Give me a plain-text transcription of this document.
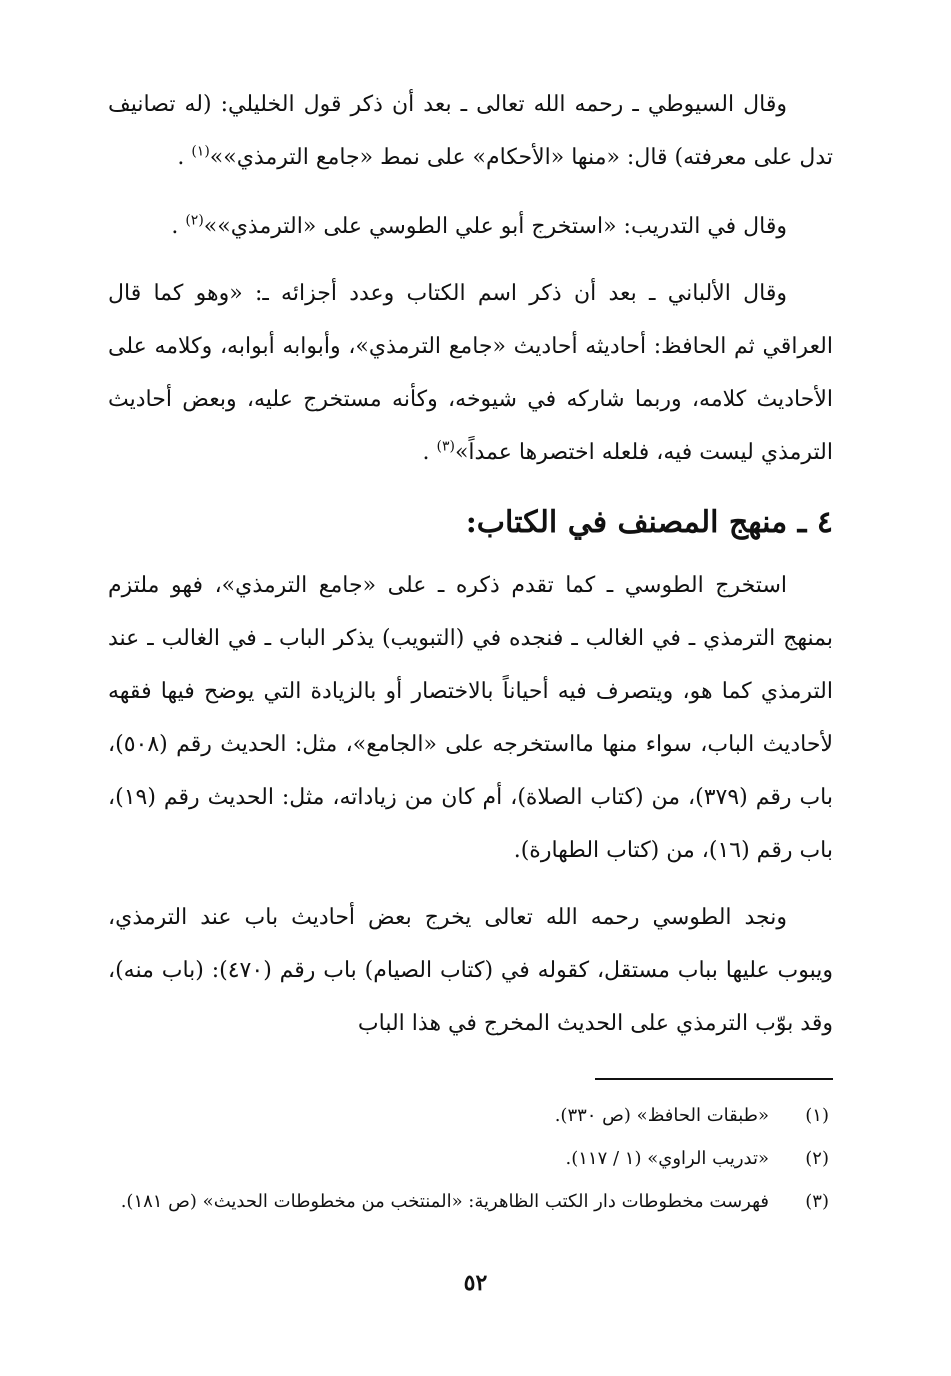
وقال السيوطي ـ رحمه الله تعالى ـ بعد أن ذكر قول الخليلي: (له تصانيف تدل على معرفته) قال: «منها «الأحكام» على نمط «جامع الترمذي»»$^{(١)}$ .

وقال في التدريب: «استخرج أبو علي الطوسي على «الترمذي»»$^{(٢)}$ .

وقال الألباني ـ بعد أن ذكر اسم الكتاب وعدد أجزائه ـ: «وهو كما قال العراقي ثم الحافظ: أحاديثه أحاديث «جامع الترمذي»، وأبوابه أبوابه، وكلامه على الأحاديث كلامه، وربما شاركه في شيوخه، وكأنه مستخرج عليه، وبعض أحاديث الترمذي ليست فيه، فلعله اختصرها عمداً»$^{(٣)}$ .

٤ ـ منهج المصنف في الكتاب:

استخرج الطوسي ـ كما تقدم ذكره ـ على «جامع الترمذي»، فهو ملتزم بمنهج الترمذي ـ في الغالب ـ فنجده في (التبويب) يذكر الباب ـ في الغالب ـ عند الترمذي كما هو، ويتصرف فيه أحياناً بالاختصار أو بالزيادة التي يوضح فيها فقهه لأحاديث الباب، سواء منها مااستخرجه على «الجامع»، مثل: الحديث رقم (٥٠٨)، باب رقم (٣٧٩)، من (كتاب الصلاة)، أم كان من زياداته، مثل: الحديث رقم (١٩)، باب رقم (١٦)، من (كتاب الطهارة).

ونجد الطوسي رحمه الله تعالى يخرج بعض أحاديث باب عند الترمذي، ويبوب عليها بباب مستقل، كقوله في (كتاب الصيام) باب رقم (٤٧٠): (باب منه)، وقد بوّب الترمذي على الحديث المخرج في هذا الباب

(١)
«طبقات الحافظ» (ص ٣٣٠).
(٢)
«تدريب الراوي» (١ / ١١٧).
(٣)
فهرست مخطوطات دار الكتب الظاهرية: «المنتخب من مخطوطات الحديث» (ص ١٨١).
٥٢
